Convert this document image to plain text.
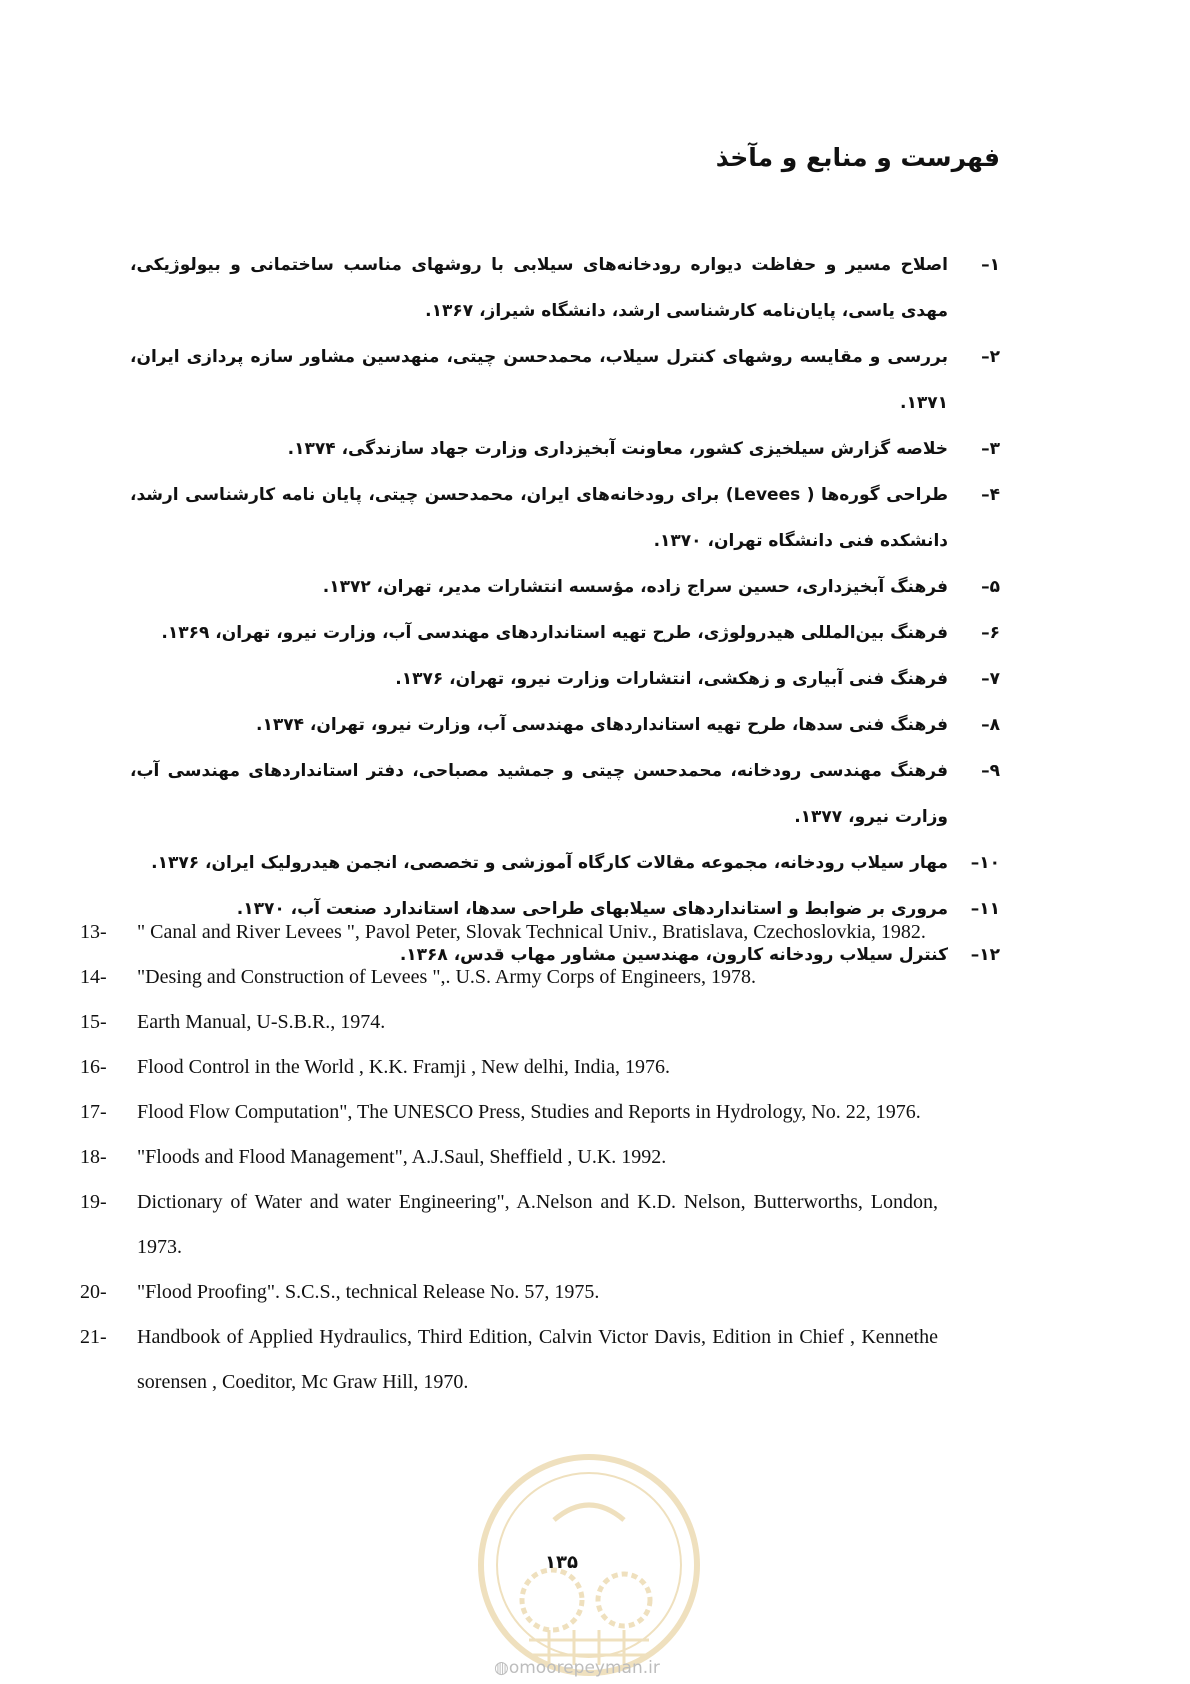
فهرست و منابع و مآخذ
۱–
اصلاح مسیر و حفاظت دیواره رودخانه‌های سیلابی با روشهای مناسب ساختمانی و بیولوژیکی، مهدی یاسی، پایان‌نامه کارشناسی ارشد، دانشگاه شیراز، ۱۳۶۷.
۲–
بررسی و مقایسه روشهای کنترل سیلاب، محمدحسن چیتی، منهدسین مشاور سازه پردازی ایران، ۱۳۷۱.
۳–
خلاصه گزارش سیلخیزی کشور، معاونت آبخیزداری وزارت جهاد سازندگی، ۱۳۷۴.
۴–
طراحی گوره‌ها ( Levees) برای رودخانه‌های ایران، محمدحسن چیتی، پایان نامه کارشناسی ارشد، دانشکده فنی دانشگاه تهران، ۱۳۷۰.
۵–
فرهنگ آبخیزداری، حسین سراج زاده، مؤسسه انتشارات مدیر، تهران، ۱۳۷۲.
۶–
فرهنگ بین‌المللی هیدرولوژی، طرح تهیه استانداردهای مهندسی آب، وزارت نیرو، تهران، ۱۳۶۹.
۷–
فرهنگ فنی آبیاری و زهکشی، انتشارات وزارت نیرو، تهران، ۱۳۷۶.
۸–
فرهنگ فنی سدها، طرح تهیه استانداردهای مهندسی آب، وزارت نیرو، تهران، ۱۳۷۴.
۹–
فرهنگ مهندسی رودخانه، محمدحسن چیتی و جمشید مصباحی، دفتر استانداردهای مهندسی آب، وزارت نیرو، ۱۳۷۷.
۱۰–
مهار سیلاب رودخانه، مجموعه مقالات کارگاه آموزشی و تخصصی، انجمن هیدرولیک ایران، ۱۳۷۶.
۱۱–
مروری بر ضوابط و استانداردهای سیلابهای طراحی سدها، استاندارد صنعت آب، ۱۳۷۰.
۱۲–
کنترل سیلاب رودخانه کارون، مهندسین مشاور مهاب قدس، ۱۳۶۸.
13-	" Canal and River Levees ", Pavol Peter, Slovak Technical Univ., Bratislava, Czechoslovkia, 1982.
14-	"Desing and Construction of Levees ",. U.S. Army Corps of Engineers, 1978.
15-	Earth Manual, U-S.B.R., 1974.
16-	Flood Control in the World , K.K. Framji , New delhi, India, 1976.
17-	Flood Flow Computation", The UNESCO Press, Studies and Reports in Hydrology, No. 22, 1976.
18-	"Floods and Flood Management", A.J.Saul, Sheffield , U.K. 1992.
19-	Dictionary of Water and water Engineering", A.Nelson and K.D. Nelson, Butterworths, London, 1973.
20-	"Flood Proofing". S.C.S., technical Release No. 57, 1975.
21-	Handbook of Applied Hydraulics, Third Edition, Calvin Victor Davis, Edition in Chief , Kennethe sorensen , Coeditor, Mc Graw Hill, 1970.
۱۳۵
◍omoorepeyman.ir
